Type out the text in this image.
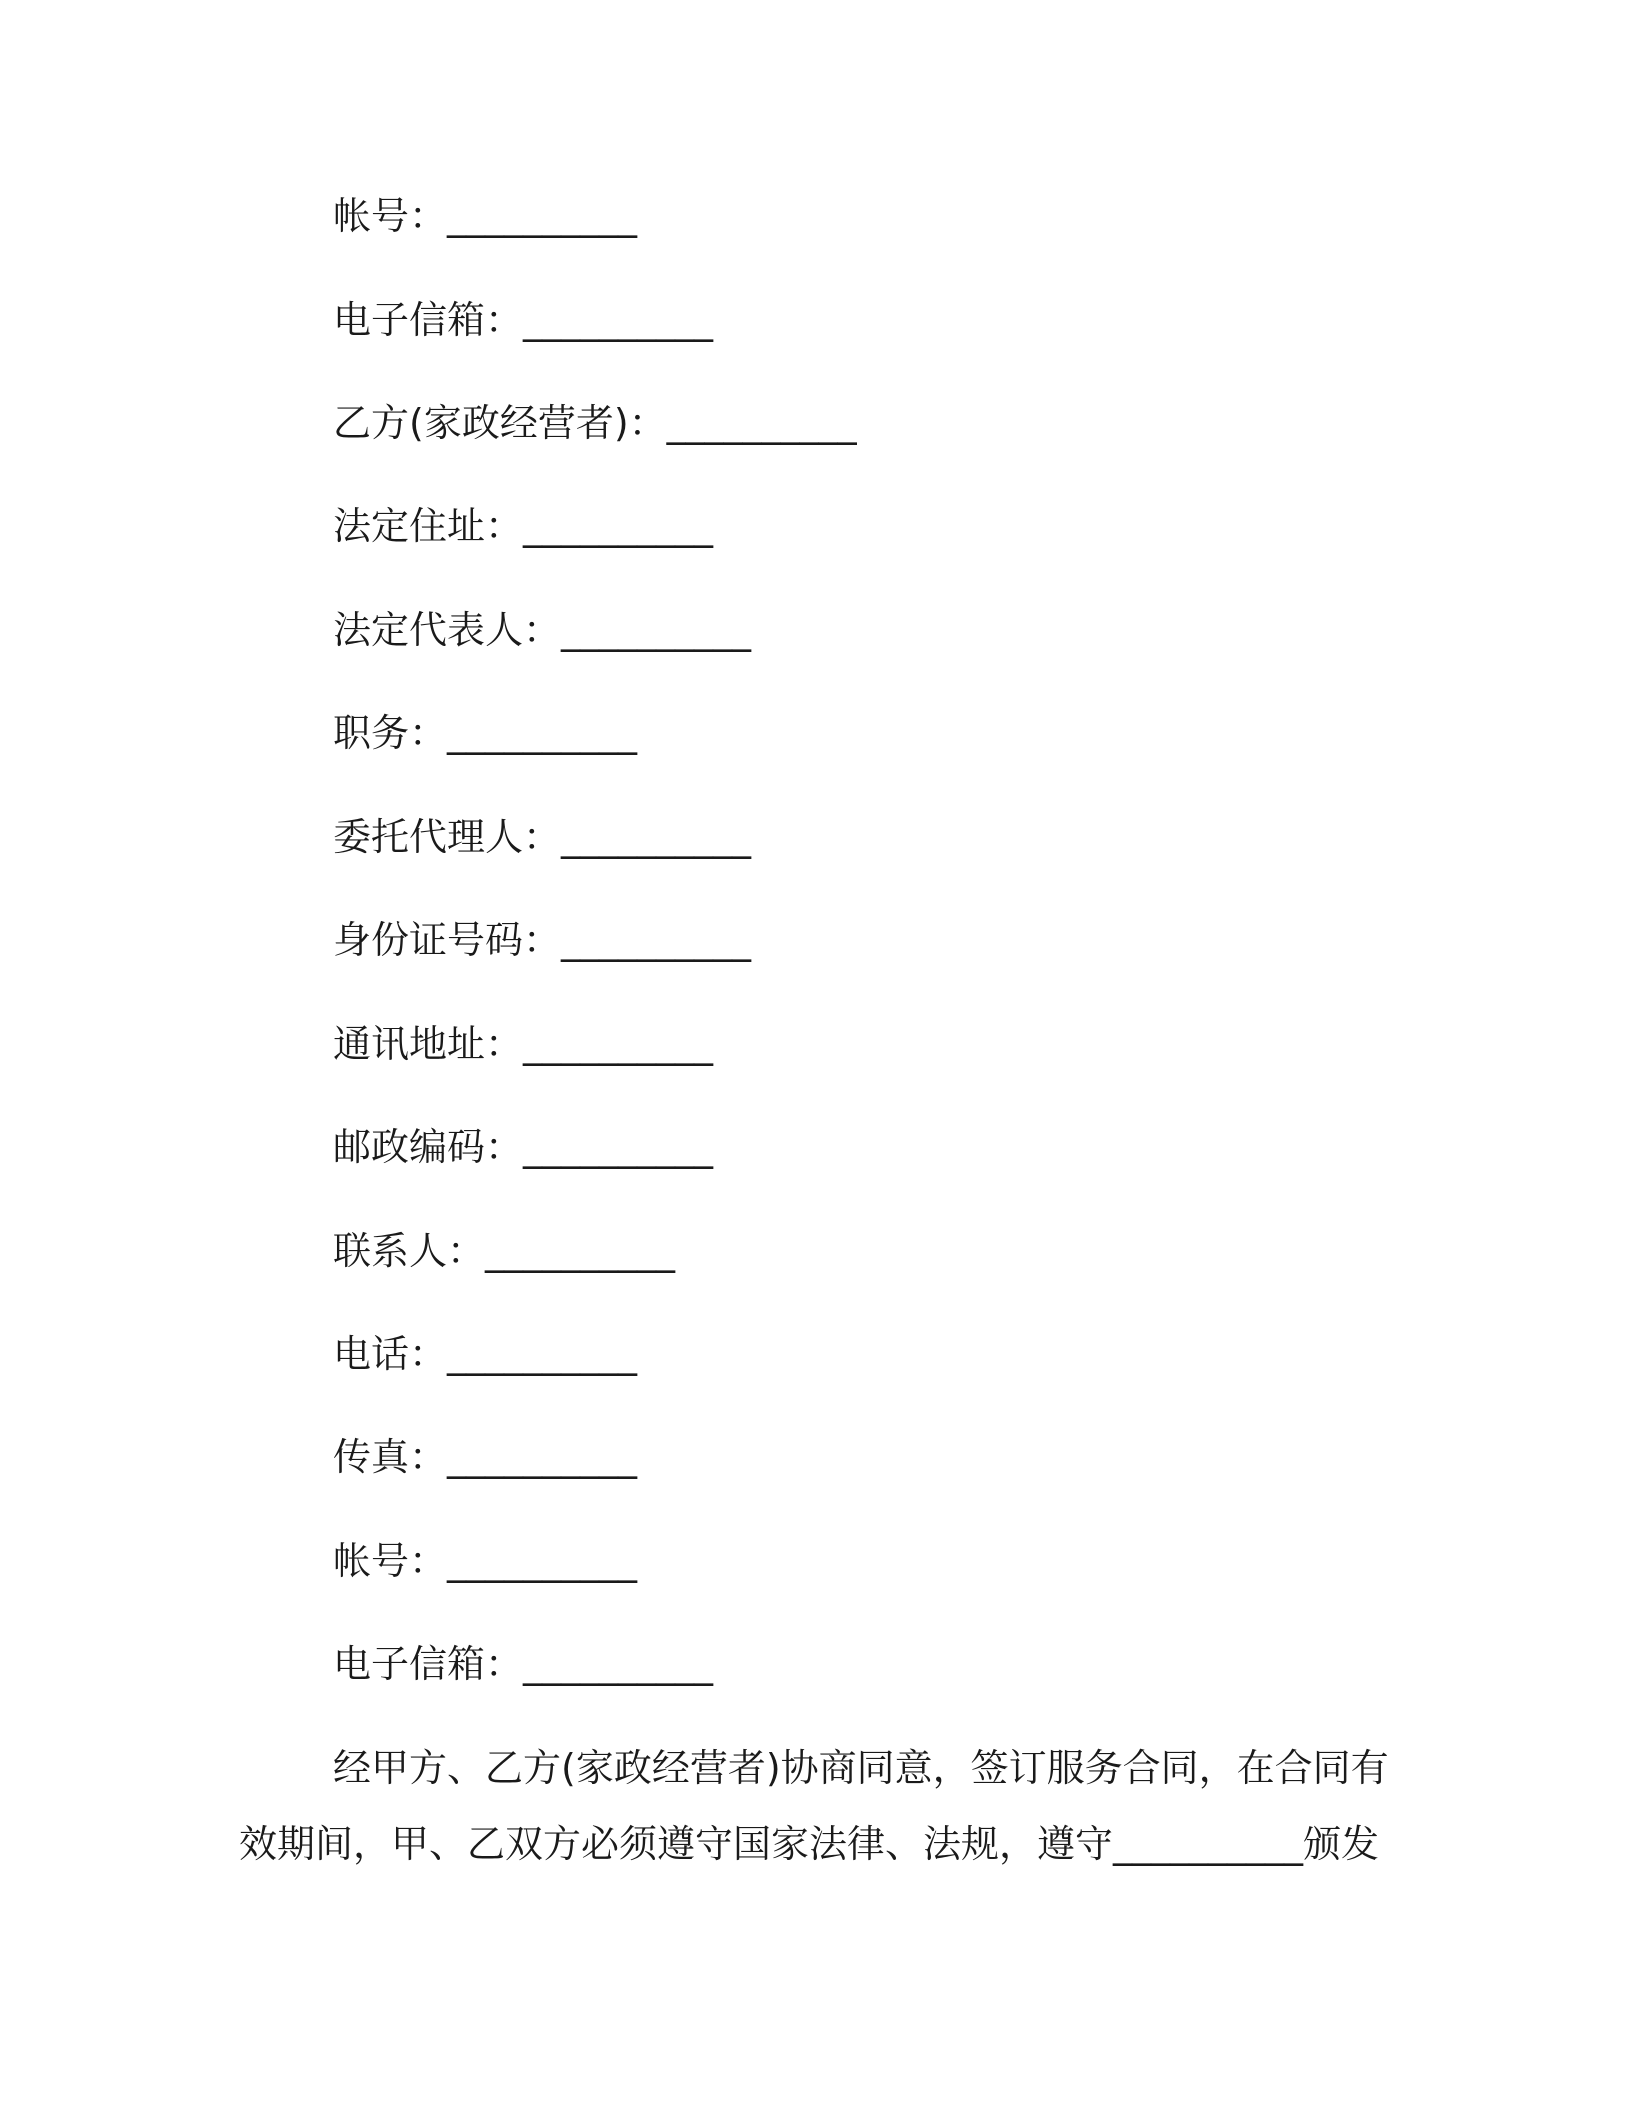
帐号：__________
电子信箱：__________
乙方(家政经营者)：__________
法定住址：__________
法定代表人：__________
职务：__________
委托代理人：__________
身份证号码：__________
通讯地址：__________
邮政编码：__________
联系人：__________
电话：__________
传真：__________
帐号：__________
电子信箱：__________
经甲方、乙方(家政经营者)协商同意，签订服务合同，在合同有
效期间，甲、乙双方必须遵守国家法律、法规，遵守__________颁发
